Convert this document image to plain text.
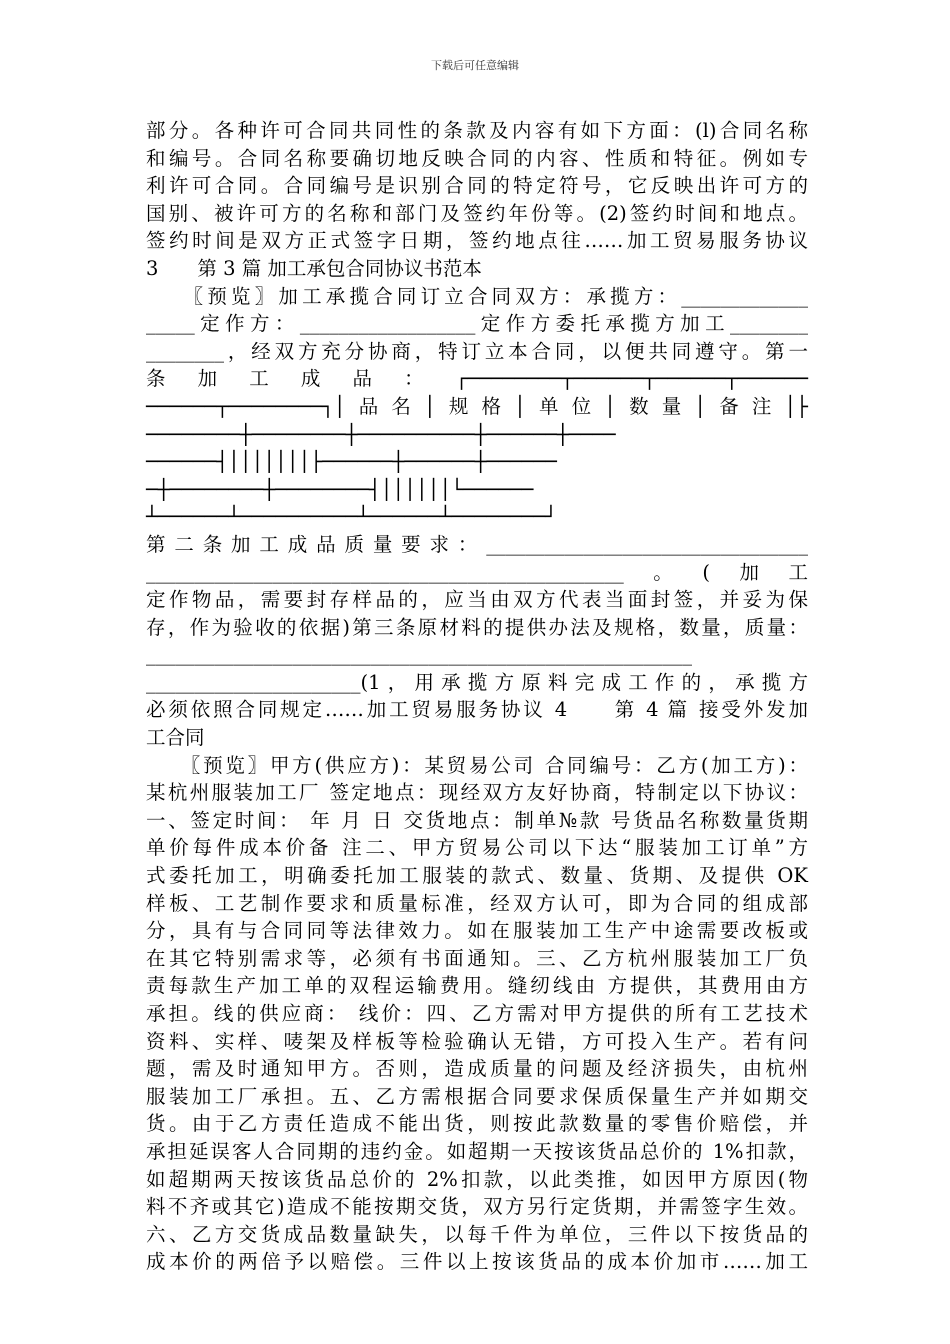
下载后可任意编辑
部分。各种许可合同共同性的条款及内容有如下方面：(l)合同名称
和编号。合同名称要确切地反映合同的内容、性质和特征。例如专
利许可合同。合同编号是识别合同的特定符号，它反映出许可方的
国别、被许可方的名称和部门及签约年份等。(2)签约时间和地点。
签约时间是双方正式签字日期，签约地点往……加工贸易服务协议
3　　第 3 篇 加工承包合同协议书范本
　　〖预览〗加工承揽合同订立合同双方：承揽方：_____________
_____定作方：__________________定作方委托承揽方加工________
________，经双方充分协商，特订立本合同，以便共同遵守。第一
条加工成品：┌────────┬──────┬──────┬──────
──────┬────────┐│品名│规格│单位│数量│备注│├
────────┼────────┼──────────┼──────┼────
──────┤│││││││├──────┼──────┼──────
─┼────────┼────────┤││││││└──────
┴──────┴──────────┴──────┴────────┘
第二条加工成品质量要求：_________________________________
_________________________________________________。(加工
定作物品，需要封存样品的，应当由双方代表当面封签，并妥为保
存，作为验收的依据)第三条原材料的提供办法及规格，数量，质量：
________________________________________________________
______________________(1，用承揽方原料完成工作的，承揽方
必须依照合同规定……加工贸易服务协议 4　　第 4 篇 接受外发加
工合同
　　〖预览〗甲方(供应方)：某贸易公司 合同编号：乙方(加工方)：
某杭州服装加工厂 签定地点：现经双方友好协商，特制定以下协议：
一、签定时间： 年 月 日 交货地点：制单№款 号货品名称数量货期
单价每件成本价备 注二、甲方贸易公司以下达“服装加工订单”方
式委托加工，明确委托加工服装的款式、数量、货期、及提供 OK
样板、工艺制作要求和质量标准，经双方认可，即为合同的组成部
分，具有与合同同等法律效力。如在服装加工生产中途需要改板或
在其它特别需求等，必须有书面通知。三、乙方杭州服装加工厂负
责每款生产加工单的双程运输费用。缝纫线由 方提供，其费用由方
承担。线的供应商： 线价：四、乙方需对甲方提供的所有工艺技术
资料、实样、唛架及样板等检验确认无错，方可投入生产。若有问
题，需及时通知甲方。否则，造成质量的问题及经济损失，由杭州
服装加工厂承担。五、乙方需根据合同要求保质保量生产并如期交
货。由于乙方责任造成不能出货，则按此款数量的零售价赔偿，并
承担延误客人合同期的违约金。如超期一天按该货品总价的 1%扣款，
如超期两天按该货品总价的 2%扣款，以此类推，如因甲方原因(物
料不齐或其它)造成不能按期交货，双方另行定货期，并需签字生效。
六、乙方交货成品数量缺失，以每千件为单位，三件以下按货品的
成本价的两倍予以赔偿。三件以上按该货品的成本价加市……加工
